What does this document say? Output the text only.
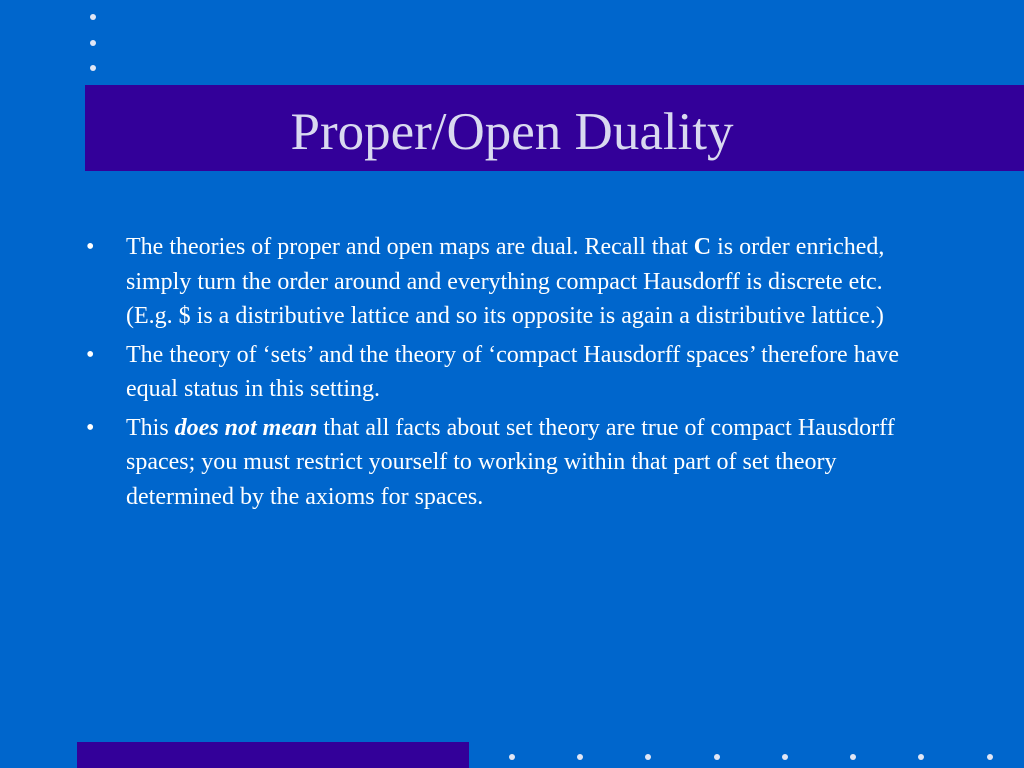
Proper/Open Duality
• The theories of proper and open maps are dual. Recall that C is order enriched, simply turn the order around and everything compact Hausdorff is discrete etc. (E.g. $ is a distributive lattice and so its opposite is again a distributive lattice.)
• The theory of ‘sets’ and the theory of ‘compact Hausdorff spaces’ therefore have equal status in this setting.
• This does not mean that all facts about set theory are true of compact Hausdorff spaces; you must restrict yourself to working within that part of set theory determined by the axioms for spaces.
